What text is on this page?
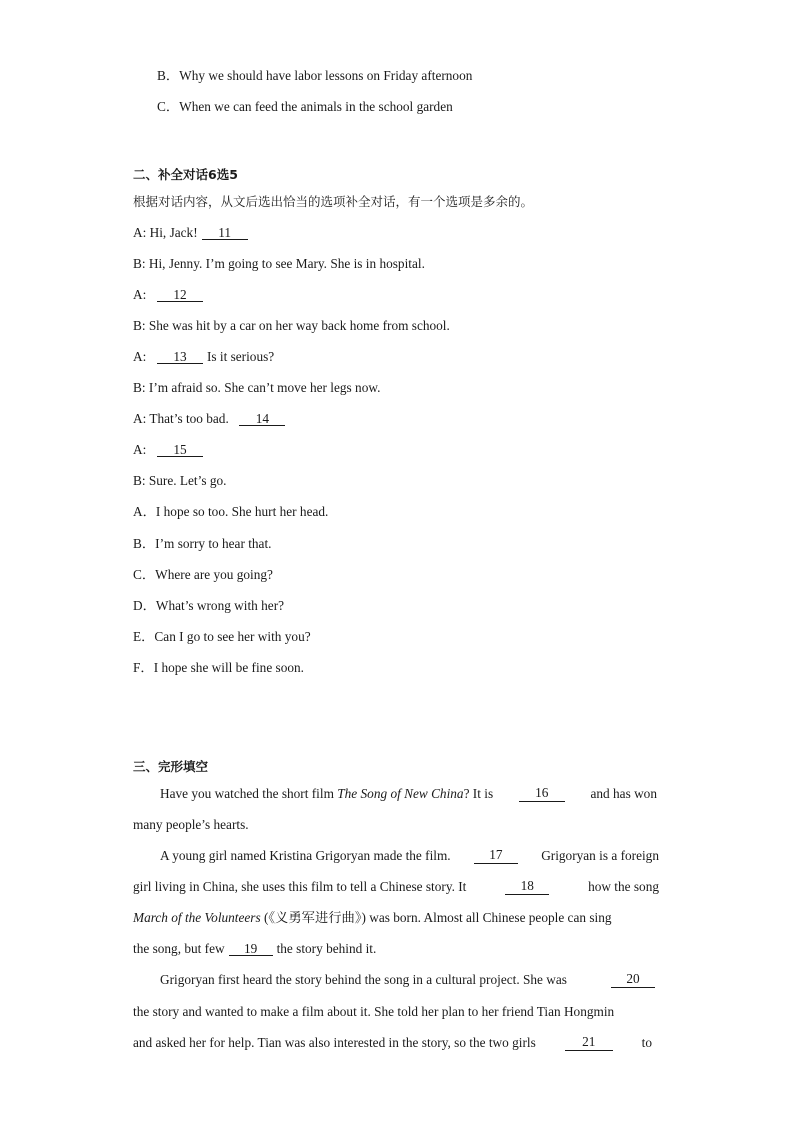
B．Why we should have labor lessons on Friday afternoon
C．When we can feed the animals in the school garden
二、补全对话6选5
根据对话内容，从文后选出恰当的选项补全对话，有一个选项是多余的。
A: Hi, Jack! 11
B: Hi, Jenny. I’m going to see Mary. She is in hospital.
A: 12
B: She was hit by a car on her way back home from school.
A: 13 Is it serious?
B: I’m afraid so. She can’t move her legs now.
A: That’s too bad. 14
A: 15
B: Sure. Let’s go.
A．I hope so too. She hurt her head.
B．I’m sorry to hear that.
C．Where are you going?
D．What’s wrong with her?
E．Can I go to see her with you?
F．I hope she will be fine soon.
三、完形填空
Have you watched the short film The Song of New China? It is	16	and has won
many people’s hearts.
A young girl named Kristina Grigoryan made the film.	17	Grigoryan is a foreign
girl living in China, she uses this film to tell a Chinese story. It	18	how the song
March of the Volunteers (《义勇军进行曲》) was born. Almost all Chinese people can sing
the song, but few 19 the story behind it.
Grigoryan first heard the story behind the song in a cultural project. She was	20
the story and wanted to make a film about it. She told her plan to her friend Tian Hongmin
and asked her for help. Tian was also interested in the story, so the two girls	21	to
